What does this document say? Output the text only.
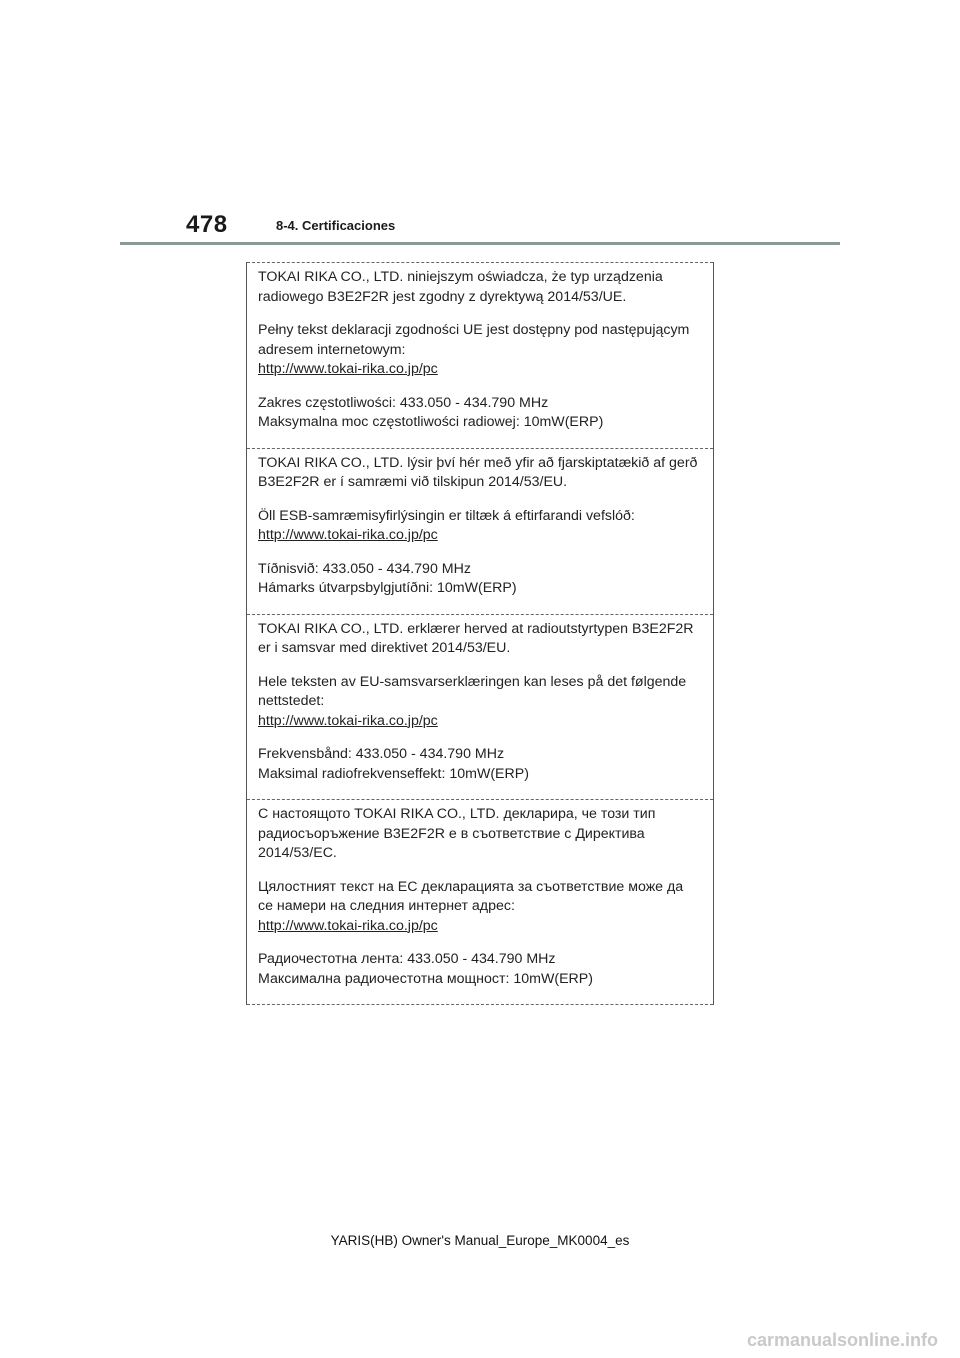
478	8-4. Certificaciones

TOKAI RIKA CO., LTD. niniejszym oświadcza, że typ urządzenia
radiowego B3E2F2R jest zgodny z dyrektywą 2014/53/UE.

Pełny tekst deklaracji zgodności UE jest dostępny pod następującym
adresem internetowym:
http://www.tokai-rika.co.jp/pc

Zakres częstotliwości: 433.050 - 434.790 MHz
Maksymalna moc częstotliwości radiowej: 10mW(ERP)

TOKAI RIKA CO., LTD. lýsir því hér með yfir að fjarskiptatækið af gerð
B3E2F2R er í samræmi við tilskipun 2014/53/EU.

Öll ESB-samræmisyfirlýsingin er tiltæk á eftirfarandi vefslóð:
http://www.tokai-rika.co.jp/pc

Tíðnisvið: 433.050 - 434.790 MHz
Hámarks útvarpsbylgjutíðni: 10mW(ERP)

TOKAI RIKA CO., LTD. erklærer herved at radioutstyrtypen B3E2F2R
er i samsvar med direktivet 2014/53/EU.

Hele teksten av EU-samsvarserklæringen kan leses på det følgende
nettstedet:
http://www.tokai-rika.co.jp/pc

Frekvensbånd: 433.050 - 434.790 MHz
Maksimal radiofrekvenseffekt: 10mW(ERP)

С настоящото TOKAI RIKA CO., LTD. декларира, че този тип
радиосъоръжение B3E2F2R е в съответствие с Директива
2014/53/EC.

Цялостният текст на ЕС декларацията за съответствие може да
се намери на следния интернет адрес:
http://www.tokai-rika.co.jp/pc

Радиочестотна лента: 433.050 - 434.790 MHz
Максимална радиочестотна мощност: 10mW(ERP)

YARIS(HB) Owner's Manual_Europe_MK0004_es
carmanualsonline.info
